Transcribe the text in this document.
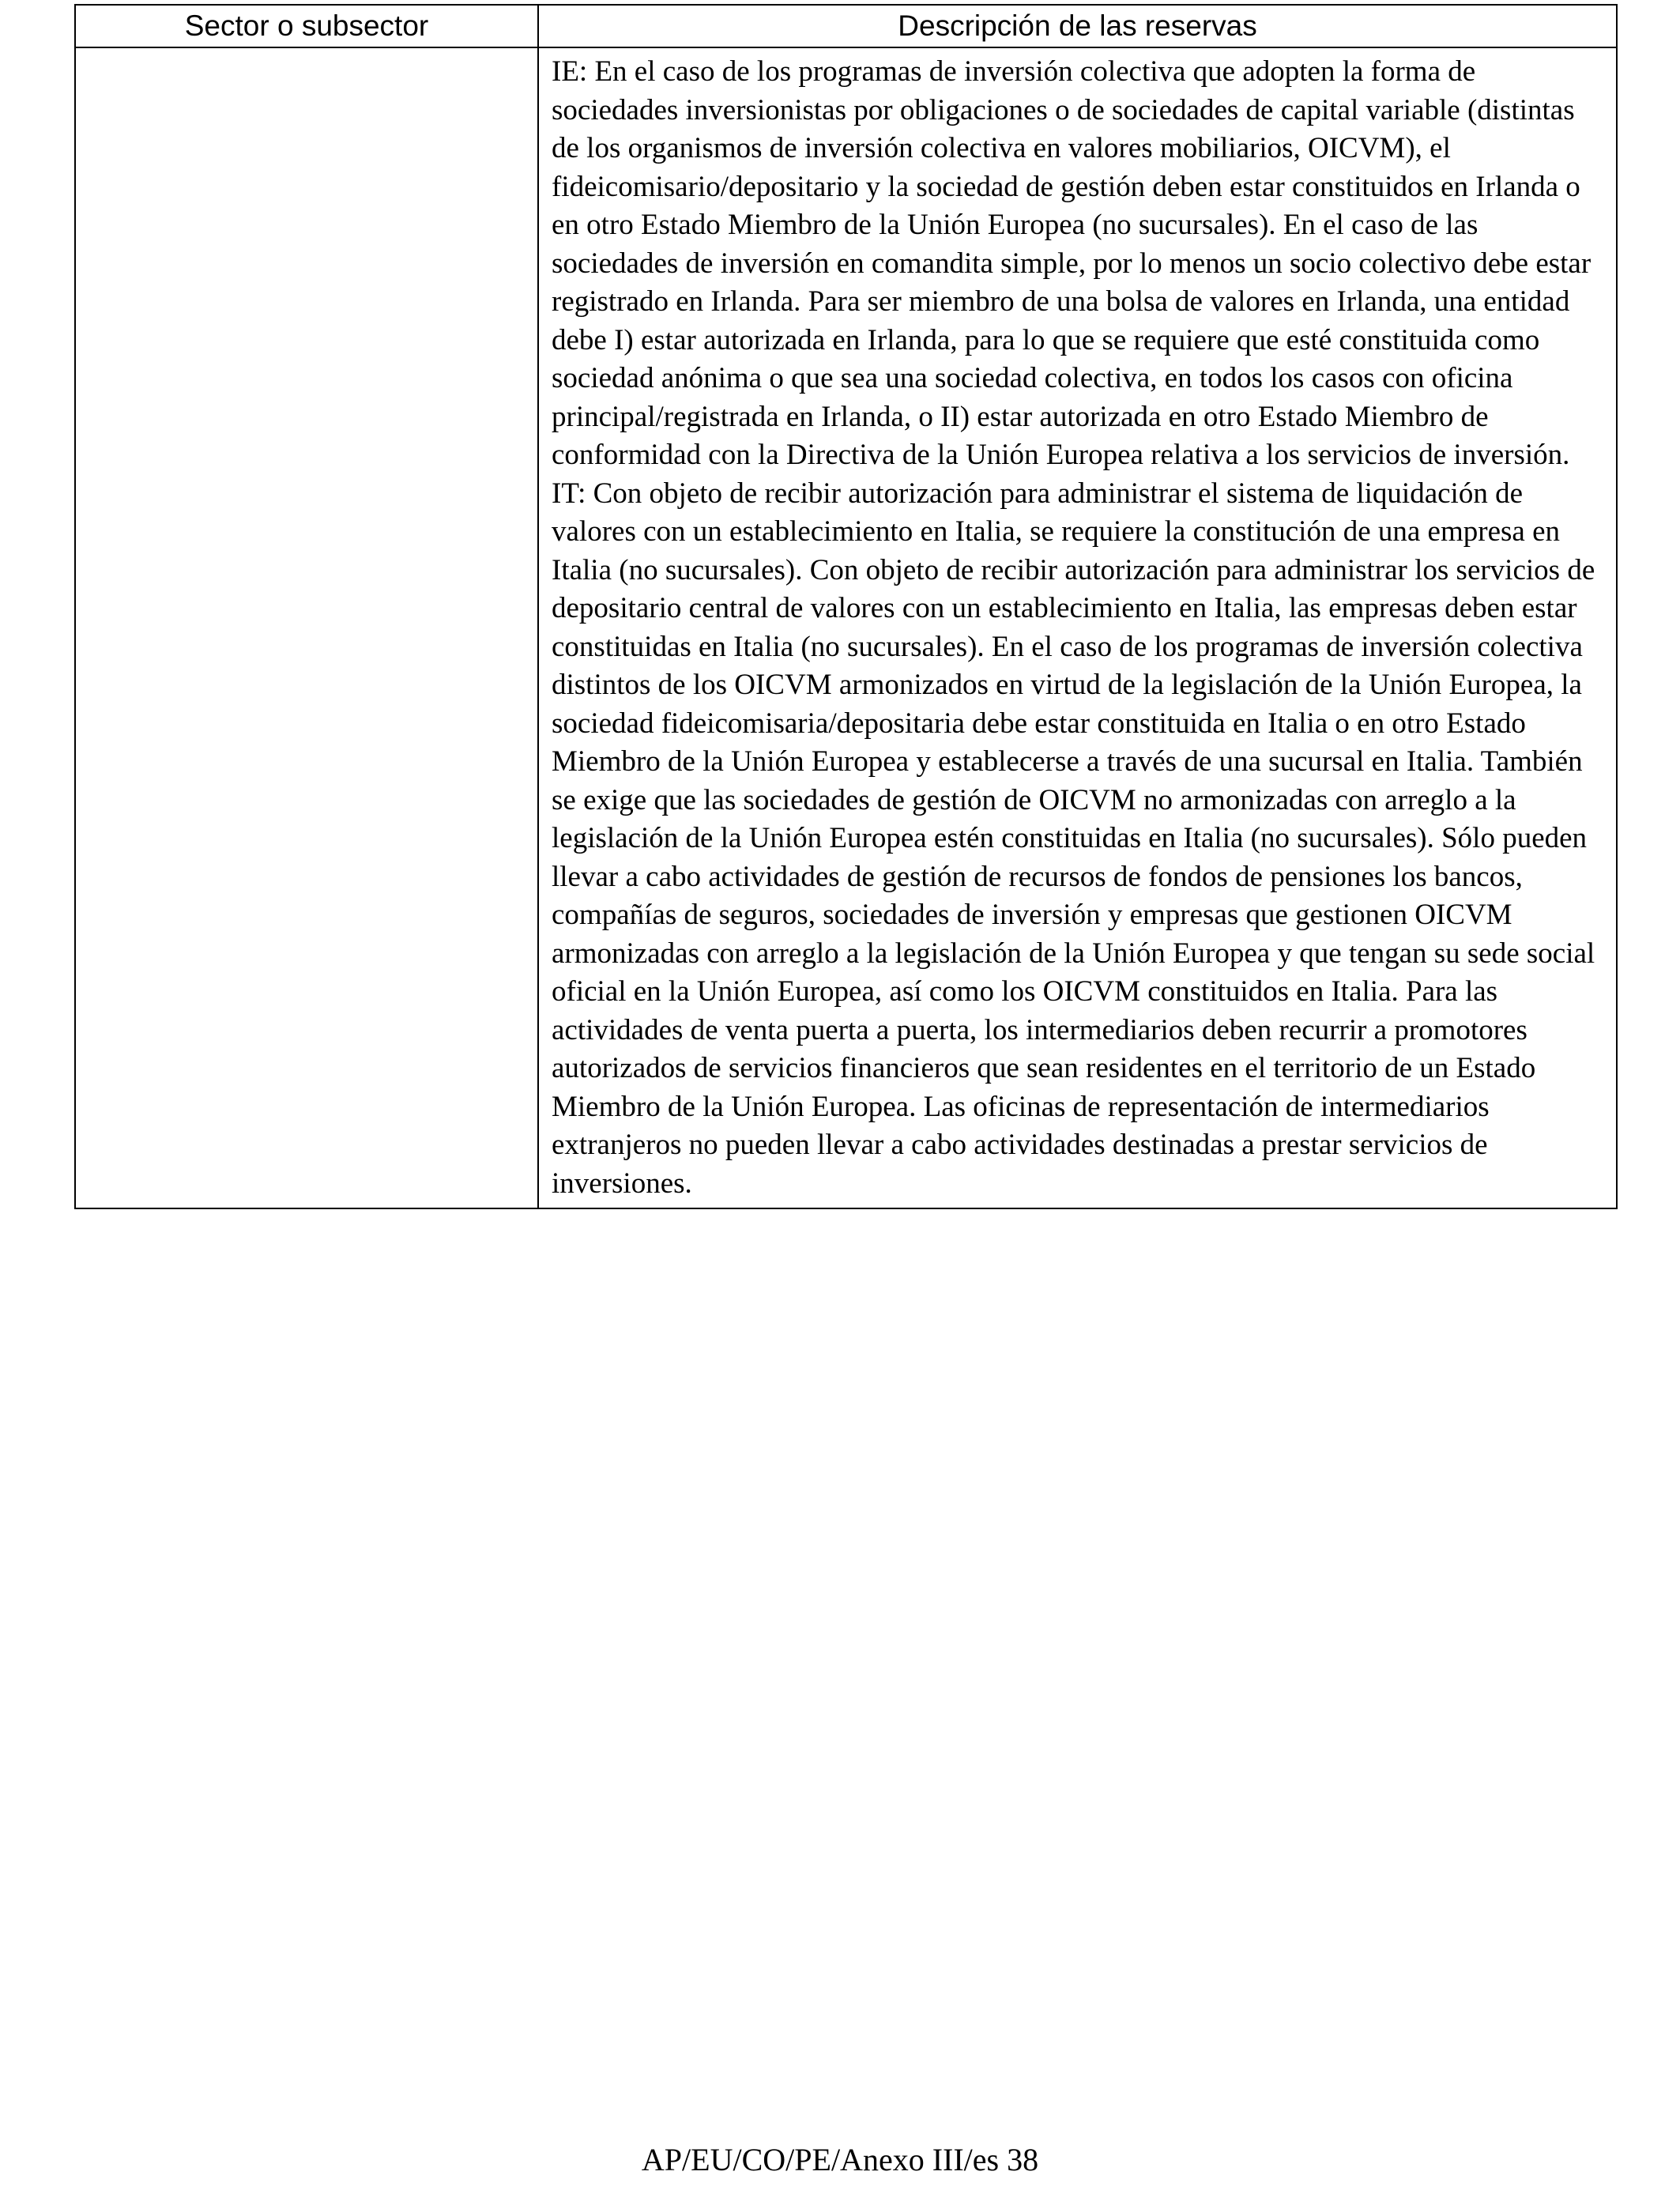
Sector o subsector	Descripción de las reservas

	IE: En el caso de los programas de inversión colectiva que adopten la forma de sociedades inversionistas por obligaciones o de sociedades de capital variable (distintas de los organismos de inversión colectiva en valores mobiliarios, OICVM), el fideicomisario/depositario y la sociedad de gestión deben estar constituidos en Irlanda o en otro Estado Miembro de la Unión Europea (no sucursales). En el caso de las sociedades de inversión en comandita simple, por lo menos un socio colectivo debe estar registrado en Irlanda. Para ser miembro de una bolsa de valores en Irlanda, una entidad debe I) estar autorizada en Irlanda, para lo que se requiere que esté constituida como sociedad anónima o que sea una sociedad colectiva, en todos los casos con oficina principal/registrada en Irlanda, o II) estar autorizada en otro Estado Miembro de conformidad con la Directiva de la Unión Europea relativa a los servicios de inversión.

IT: Con objeto de recibir autorización para administrar el sistema de liquidación de valores con un establecimiento en Italia, se requiere la constitución de una empresa en Italia (no sucursales). Con objeto de recibir autorización para administrar los servicios de depositario central de valores con un establecimiento en Italia, las empresas deben estar constituidas en Italia (no sucursales). En el caso de los programas de inversión colectiva distintos de los OICVM armonizados en virtud de la legislación de la Unión Europea, la sociedad fideicomisaria/depositaria debe estar constituida en Italia o en otro Estado Miembro de la Unión Europea y establecerse a través de una sucursal en Italia. También se exige que las sociedades de gestión de OICVM no armonizadas con arreglo a la legislación de la Unión Europea estén constituidas en Italia (no sucursales). Sólo pueden llevar a cabo actividades de gestión de recursos de fondos de pensiones los bancos, compañías de seguros, sociedades de inversión y empresas que gestionen OICVM armonizadas con arreglo a la legislación de la Unión Europea y que tengan su sede social oficial en la Unión Europea, así como los OICVM constituidos en Italia. Para las actividades de venta puerta a puerta, los intermediarios deben recurrir a promotores autorizados de servicios financieros que sean residentes en el territorio de un Estado Miembro de la Unión Europea. Las oficinas de representación de intermediarios extranjeros no pueden llevar a cabo actividades destinadas a prestar servicios de inversiones.

AP/EU/CO/PE/Anexo III/es 38
